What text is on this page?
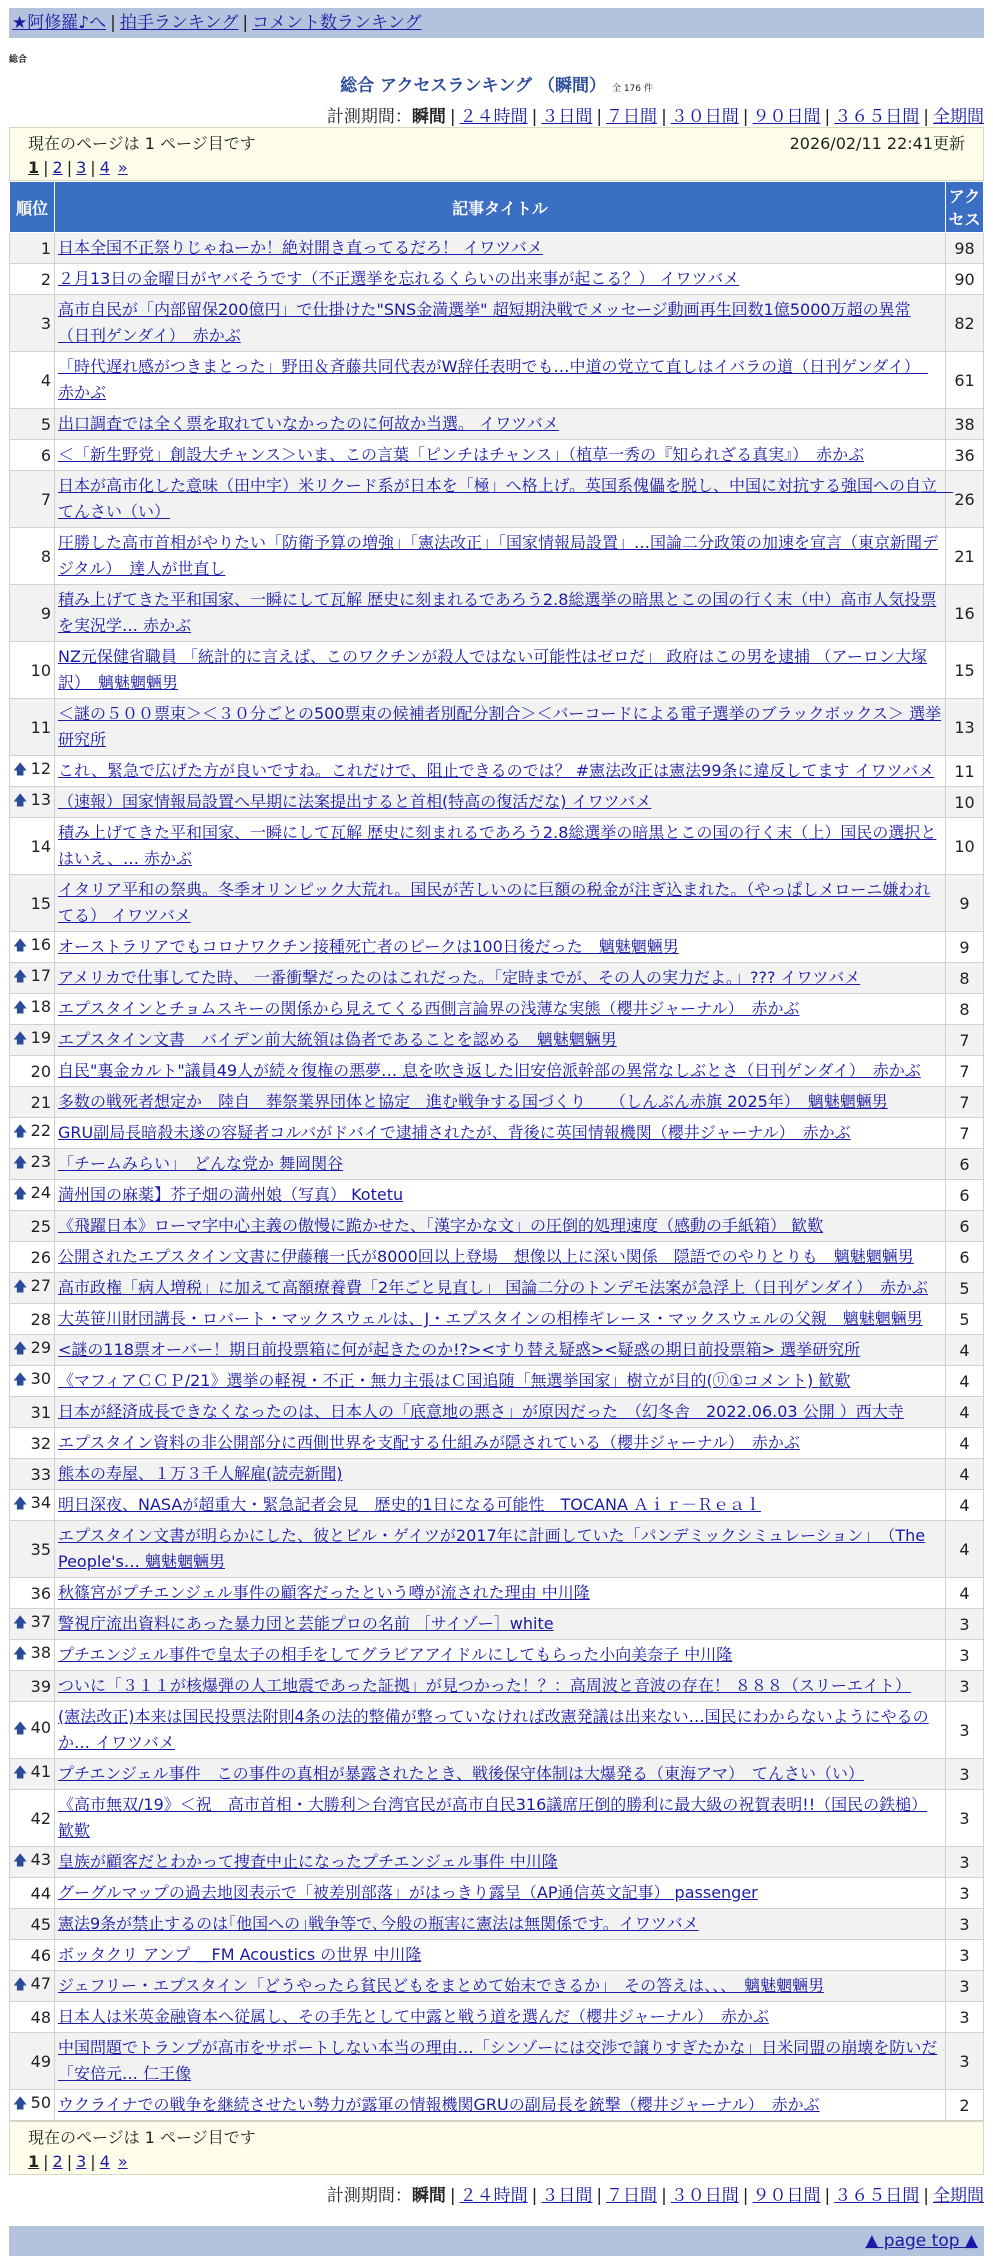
★阿修羅♪へ | 拍手ランキング | コメント数ランキング
総合
総合 アクセスランキング （瞬間） 全 176 件
計測期間：瞬間 | ２４時間 | ３日間 | ７日間 | ３０日間 | ９０日間 | ３６５日間 | 全期間
現在のページは 1 ページ目です	2026/02/11 22:41更新
1 | 2 | 3 | 4 »
順位	記事タイトル	アクセス
1	日本全国不正祭りじゃねーか！絶対開き直ってるだろ！ イワツバメ	98
2	２月13日の金曜日がヤバそうです（不正選挙を忘れるくらいの出来事が起こる？） イワツバメ	90
3	高市自民が「内部留保200億円」で仕掛けた"SNS金満選挙" 超短期決戦でメッセージ動画再生回数1億5000万超の異常（日刊ゲンダイ）　赤かぶ	82
4	「時代遅れ感がつきまとった」野田＆斉藤共同代表がW辞任表明でも…中道の党立て直しはイバラの道（日刊ゲンダイ）　赤かぶ	61
5	出口調査では全く票を取れていなかったのに何故か当選。 イワツバメ	38
6	＜「新生野党」創設大チャンス＞いま、この言葉「ピンチはチャンス」（植草一秀の『知られざる真実』）　赤かぶ	36
7	日本が高市化した意味（田中宇）米リクード系が日本を「極」へ格上げ。英国系傀儡を脱し、中国に対抗する強国への自立　てんさい（い）	26
8	圧勝した高市首相がやりたい「防衛予算の増強」「憲法改正」「国家情報局設置」…国論二分政策の加速を宣言（東京新聞デジタル）　達人が世直し	21
9	積み上げてきた平和国家、一瞬にして瓦解 歴史に刻まれるであろう2.8総選挙の暗黒とこの国の行く末（中）高市人気投票を実況学… 赤かぶ	16
10	NZ元保健省職員 「統計的に言えば、このワクチンが殺人ではない可能性はゼロだ」 政府はこの男を逮捕 （アーロン大塚訳）　魑魅魍魎男	15
11	＜謎の５００票束＞＜３０分ごとの500票束の候補者別配分割合＞＜バーコードによる電子選挙のブラックボックス＞ 選挙研究所	13

🡅 12	これ、緊急で広げた方が良いですね。これだけで、阻止できるのでは？ #憲法改正は憲法99条に違反してます イワツバメ	11

🡅 13	（速報）国家情報局設置へ早期に法案提出すると首相(特高の復活だな) イワツバメ	10
14	積み上げてきた平和国家、一瞬にして瓦解 歴史に刻まれるであろう2.8総選挙の暗黒とこの国の行く末（上）国民の選択とはいえ、… 赤かぶ	10
15	イタリア平和の祭典。冬季オリンピック大荒れ。国民が苦しいのに巨額の税金が注ぎ込まれた。（やっぱしメローニ嫌われてる） イワツバメ	9

🡅 16	オーストラリアでもコロナワクチン接種死亡者のピークは100日後だった　魑魅魍魎男	9

🡅 17	アメリカで仕事してた時、 一番衝撃だったのはこれだった。「定時までが、その人の実力だよ。」??? イワツバメ	8

🡅 18	エプスタインとチョムスキーの関係から見えてくる西側言論界の浅薄な実態（櫻井ジャーナル）　赤かぶ	8

🡅 19	エプスタイン文書　バイデン前大統領は偽者であることを認める　魑魅魍魎男	7
20	自民"裏金カルト"議員49人が続々復権の悪夢… 息を吹き返した旧安倍派幹部の異常なしぶとさ（日刊ゲンダイ）　赤かぶ	7
21	多数の戦死者想定か　陸自　葬祭業界団体と協定　進む戦争する国づくり　　（しんぶん赤旗 2025年）　魑魅魍魎男	7

🡅 22	GRU副局長暗殺未遂の容疑者コルバがドバイで逮捕されたが、背後に英国情報機関（櫻井ジャーナル）　赤かぶ	7

🡅 23	「チームみらい」　どんな党か 舞岡関谷	6

🡅 24	満州国の麻薬】芥子畑の満州娘（写真） Kotetu	6
25	《飛躍日本》ローマ字中心主義の傲慢に跪かせた、「漢字かな文」の圧倒的処理速度（感動の手紙箱） 歓歎	6
26	公開されたエプスタイン文書に伊藤穰一氏が8000回以上登場　想像以上に深い関係　隠語でのやりとりも　魑魅魍魎男	6

🡅 27	高市政権「病人増税」に加えて高額療養費「2年ごと見直し」 国論二分のトンデモ法案が急浮上（日刊ゲンダイ）　赤かぶ	5
28	大英笹川財団講長・ロバート・マックスウェルは、J・エプスタインの相棒ギレーヌ・マックスウェルの父親　魑魅魍魎男	5

🡅 29	<謎の118票オーバー！期日前投票箱に何が起きたのか!?><すり替え疑惑><疑惑の期日前投票箱> 選挙研究所	4

🡅 30	《マフィアＣＣＰ/21》選挙の軽視・不正・無力主張はＣ国追随「無選挙国家」樹立が目的(㋷①コメント) 歓歎	4
31	日本が経済成長できなくなったのは、日本人の「底意地の悪さ」が原因だった　（幻冬舎　2022.06.03 公開 ）西大寺	4
32	エプスタイン資料の非公開部分に西側世界を支配する仕組みが隠されている（櫻井ジャーナル）　赤かぶ	4
33	熊本の寿屋、１万３千人解雇(読売新聞)	4

🡅 34	明日深夜、NASAが超重大・緊急記者会見　歴史的1日になる可能性　TOCANA Ａｉｒ－Ｒｅａｌ	4
35	エプスタイン文書が明らかにした、彼とビル・ゲイツが2017年に計画していた「パンデミックシミュレーション」　（The People's… 魑魅魍魎男	4
36	秋篠宮がプチエンジェル事件の顧客だったという噂が流された理由 中川隆	4

🡅 37	警視庁流出資料にあった暴力団と芸能プロの名前 ［サイゾー］white	3

🡅 38	プチエンジェル事件で皇太子の相手をしてグラビアアイドルにしてもらった小向美奈子 中川隆	3
39	ついに「３１１が核爆弾の人工地震であった証拠」が見つかった！？：高周波と音波の存在！ ８８８（スリーエイト）	3

🡅 40	(憲法改正)本来は国民投票法附則4条の法的整備が整っていなければ改憲発議は出来ない…国民にわからないようにやるのか… イワツバメ	3

🡅 41	プチエンジェル事件　この事件の真相が暴露されたとき、戦後保守体制は大爆発る（東海アマ）　てんさい（い）	3
42	《高市無双/19》＜祝　高市首相・大勝利＞台湾官民が高市自民316議席圧倒的勝利に最大級の祝賀表明!!（国民の鉄槌） 歓歎	3

🡅 43	皇族が顧客だとわかって捜査中止になったプチエンジェル事件 中川隆	3
44	グーグルマップの過去地図表示で「被差別部落」がはっきり露呈（AP通信英文記事） passenger	3
45	憲法9条が禁止するのは｢他国への｣戦争等で､今般の瓶害に憲法は無関係です。イワツバメ	3
46	ボッタクリ アンプ ＿FM Acoustics の世界 中川隆	3

🡅 47	ジェフリー・エプスタイン「どうやったら貧民どもをまとめて始末できるか」　その答えは、、、　魑魅魍魎男	3
48	日本人は米英金融資本へ従属し、その手先として中露と戦う道を選んだ（櫻井ジャーナル）　赤かぶ	3
49	中国問題でトランプが高市をサポートしない本当の理由…「シンゾーには交渉で譲りすぎたかな」日米同盟の崩壊を防いだ「安倍元… 仁王像	3

🡅 50	ウクライナでの戦争を継続させたい勢力が露軍の情報機関GRUの副局長を銃撃（櫻井ジャーナル）　赤かぶ	2
現在のページは 1 ページ目です
1 | 2 | 3 | 4 »
計測期間：瞬間 | ２４時間 | ３日間 | ７日間 | ３０日間 | ９０日間 | ３６５日間 | 全期間
▲ page top ▲
